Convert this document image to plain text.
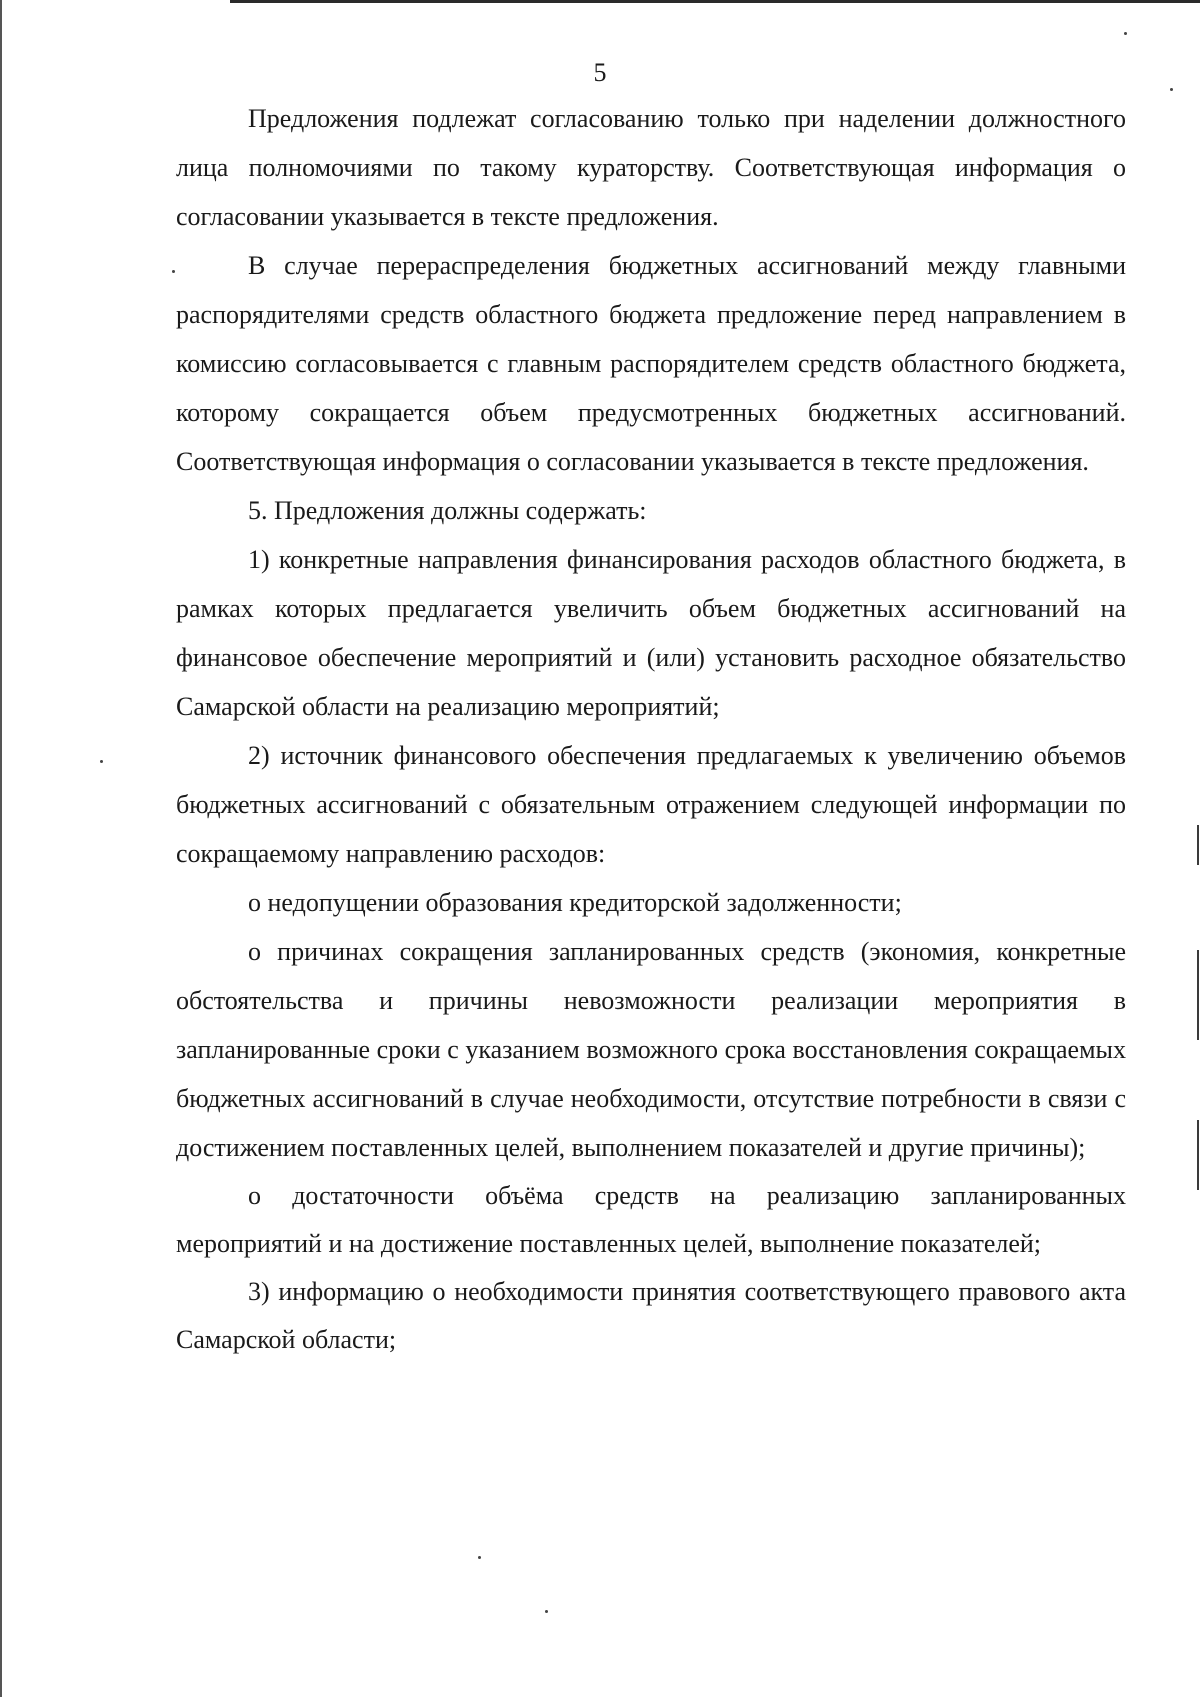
5

Предложения подлежат согласованию только при наделении должностного лица полномочиями по такому кураторству. Соответствующая информация о согласовании указывается в тексте предложения.

В случае перераспределения бюджетных ассигнований между главными распорядителями средств областного бюджета предложение перед направлением в комиссию согласовывается с главным распорядителем средств областного бюджета, которому сокращается объем предусмотренных бюджетных ассигнований. Соответствующая информация о согласовании указывается в тексте предложения.

5. Предложения должны содержать:

1) конкретные направления финансирования расходов областного бюджета, в рамках которых предлагается увеличить объем бюджетных ассигнований на финансовое обеспечение мероприятий и (или) установить расходное обязательство Самарской области на реализацию мероприятий;

2) источник финансового обеспечения предлагаемых к увеличению объемов бюджетных ассигнований с обязательным отражением следующей информации по сокращаемому направлению расходов:

о недопущении образования кредиторской задолженности;

о причинах сокращения запланированных средств (экономия, конкретные обстоятельства и причины невозможности реализации мероприятия в запланированные сроки с указанием возможного срока восстановления сокращаемых бюджетных ассигнований в случае необходимости, отсутствие потребности в связи с достижением поставленных целей, выполнением показателей и другие причины);

о достаточности объёма средств на реализацию запланированных мероприятий и на достижение поставленных целей, выполнение показателей;

3) информацию о необходимости принятия соответствующего правового акта Самарской области;
